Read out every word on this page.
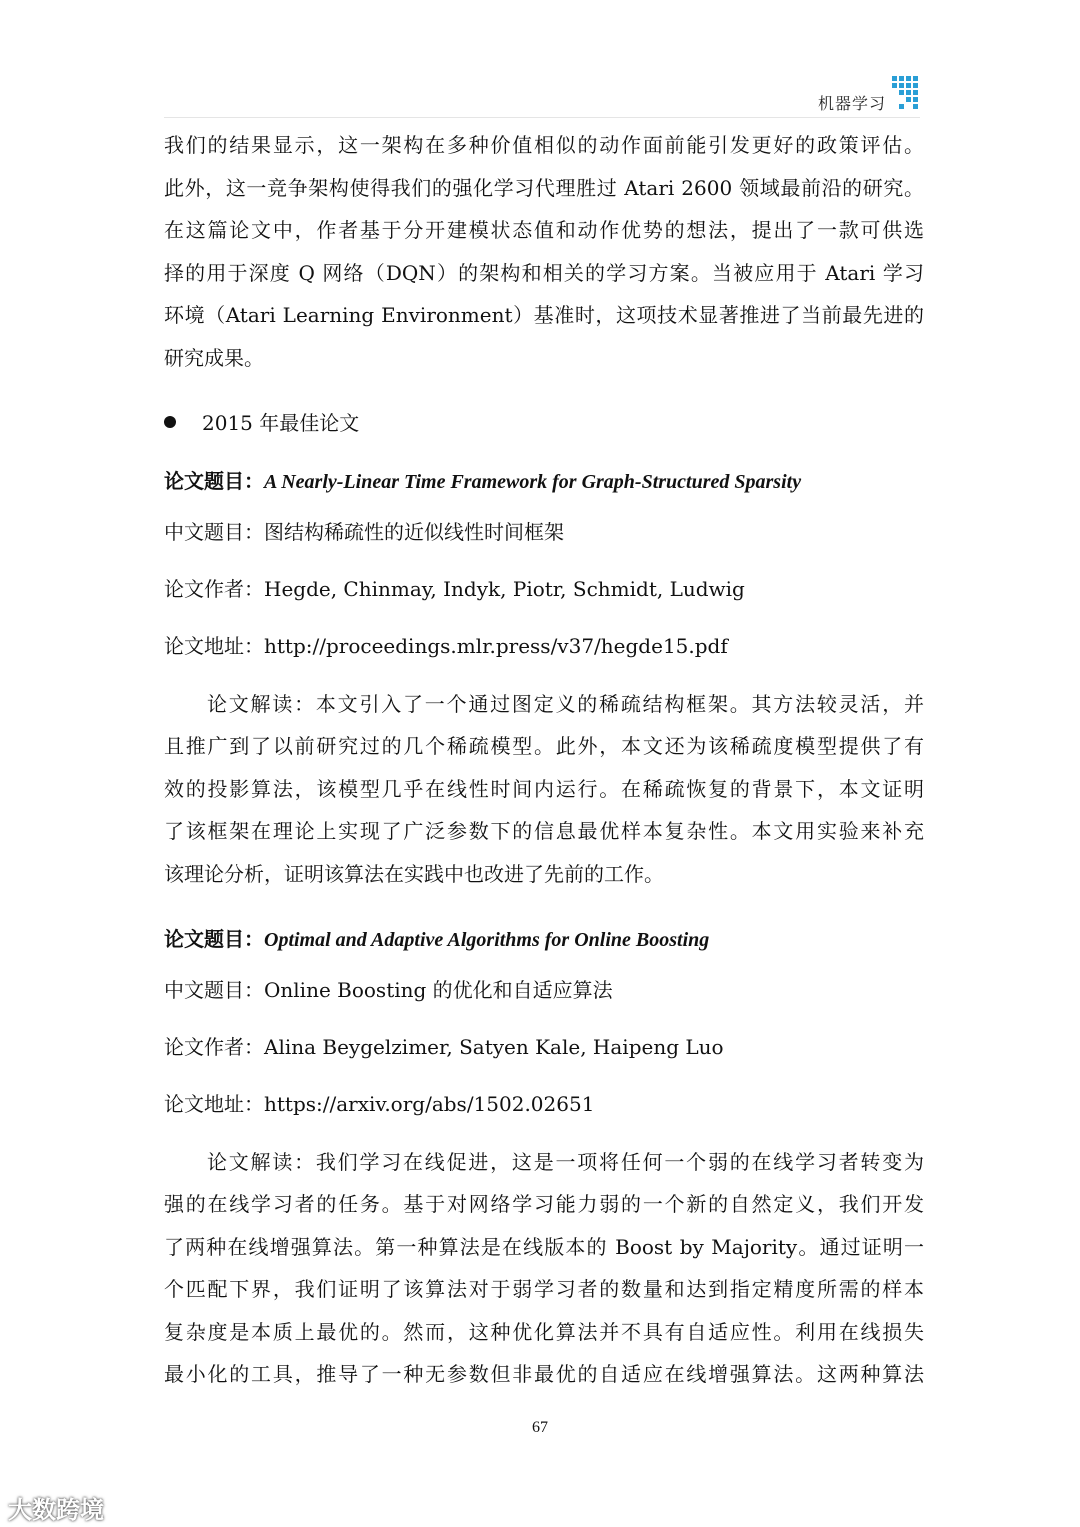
机器学习
我们的结果显示，这一架构在多种价值相似的动作面前能引发更好的政策评估。
此外，这一竞争架构使得我们的强化学习代理胜过 Atari 2600 领域最前沿的研究。
在这篇论文中，作者基于分开建模状态值和动作优势的想法，提出了一款可供选
择的用于深度 Q 网络（DQN）的架构和相关的学习方案。当被应用于 Atari 学习
环境（Atari Learning Environment）基准时，这项技术显著推进了当前最先进的
研究成果。
2015 年最佳论文
论文题目：A Nearly-Linear Time Framework for Graph-Structured Sparsity
中文题目：图结构稀疏性的近似线性时间框架
论文作者：Hegde, Chinmay, Indyk, Piotr, Schmidt, Ludwig
论文地址：http://proceedings.mlr.press/v37/hegde15.pdf
论文解读：本文引入了一个通过图定义的稀疏结构框架。其方法较灵活，并
且推广到了以前研究过的几个稀疏模型。此外，本文还为该稀疏度模型提供了有
效的投影算法，该模型几乎在线性时间内运行。在稀疏恢复的背景下，本文证明
了该框架在理论上实现了广泛参数下的信息最优样本复杂性。本文用实验来补充
该理论分析，证明该算法在实践中也改进了先前的工作。
论文题目：Optimal and Adaptive Algorithms for Online Boosting
中文题目：Online Boosting 的优化和自适应算法
论文作者：Alina Beygelzimer, Satyen Kale, Haipeng Luo
论文地址：https://arxiv.org/abs/1502.02651
论文解读：我们学习在线促进，这是一项将任何一个弱的在线学习者转变为
强的在线学习者的任务。基于对网络学习能力弱的一个新的自然定义，我们开发
了两种在线增强算法。第一种算法是在线版本的 Boost by Majority。通过证明一
个匹配下界，我们证明了该算法对于弱学习者的数量和达到指定精度所需的样本
复杂度是本质上最优的。然而，这种优化算法并不具有自适应性。利用在线损失
最小化的工具，推导了一种无参数但非最优的自适应在线增强算法。这两种算法
67
大数跨境
